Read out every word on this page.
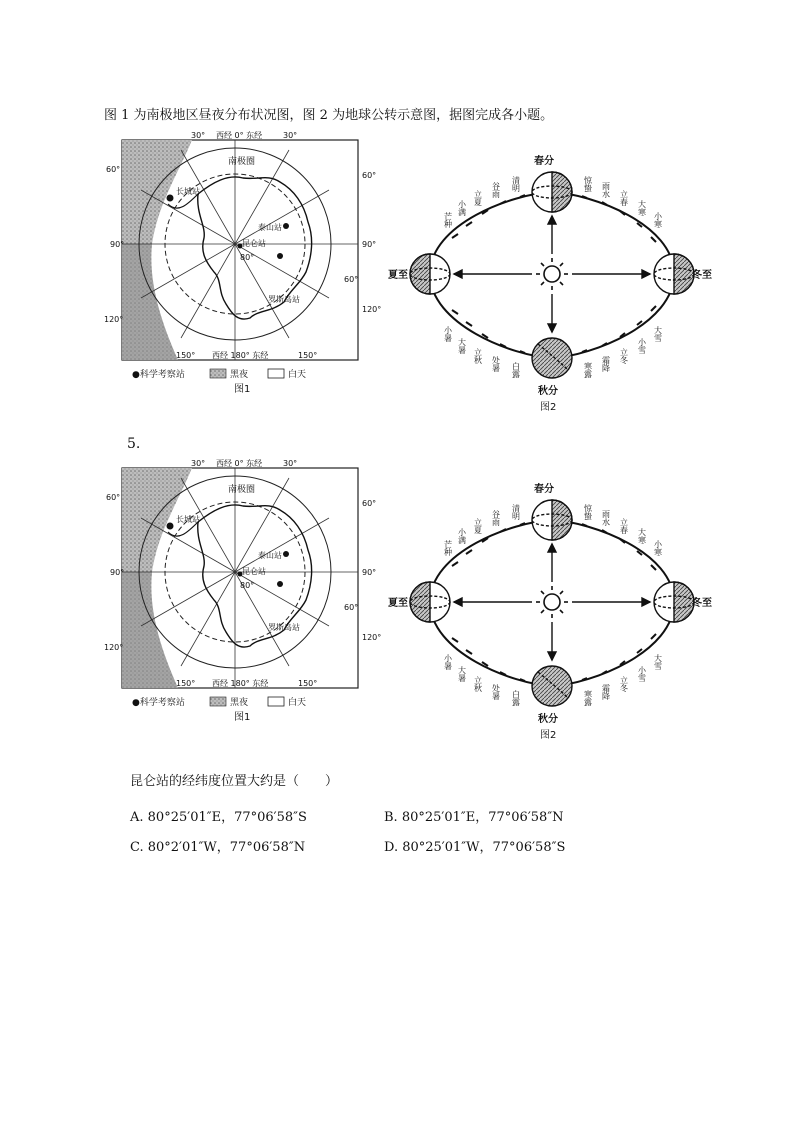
图 1 为南极地区昼夜分布状况图，图 2 为地球公转示意图，据图完成各小题。
30° 西经 0° 东经	30°
60°
60°
90°	90°
120°
120°
60°
150°	150°
西经 180° 东经
南极圈
80°
长城站
泰山站
昆仑站
罗斯岛站
●科学考察站	黑夜	白天
图1
春分
夏至	冬至
秋分
芒种
小满
立夏 谷雨 清明	惊蛰 雨水 立春
大寒
小寒
小暑
大暑
立秋 处暑 白露	寒露 霜降 立冬
小雪
大雪
图2
5.
30° 西经 0° 东经	30°
60°
60°
90°	90°
120°
120°
60°
150°	150°
西经 180° 东经
南极圈
80°
长城站
泰山站
昆仑站
罗斯岛站
●科学考察站	黑夜	白天
图1
春分
夏至	冬至
秋分
芒种
小满
立夏 谷雨 清明	惊蛰 雨水 立春
大寒
小寒
小暑
大暑
立秋 处暑 白露	寒露 霜降 立冬
小雪
大雪
图2
昆仑站的经纬度位置大约是（　　）
A. 80°25′01″E，77°06′58″S	B. 80°25′01″E，77°06′58″N
C. 80°2′01″W，77°06′58″N	D. 80°25′01″W，77°06′58″S
